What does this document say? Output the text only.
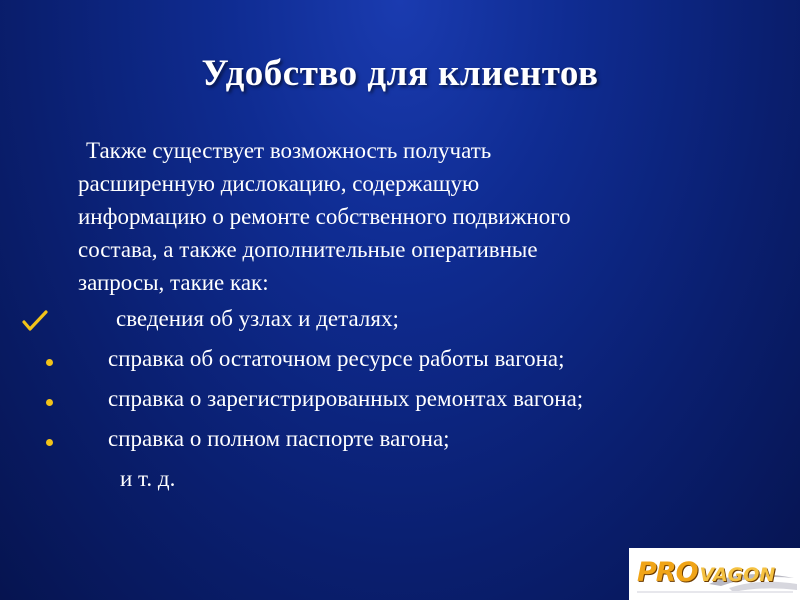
Удобство для клиентов
Также существует возможность получать
расширенную дислокацию, содержащую
информацию о ремонте собственного подвижного
состава, а также дополнительные оперативные
запросы, такие как:
сведения об узлах и деталях;
справка об остаточном ресурсе работы вагона;
справка о зарегистрированных ремонтах вагона;
справка о полном паспорте вагона;
и т. д.
PRO VAGON
